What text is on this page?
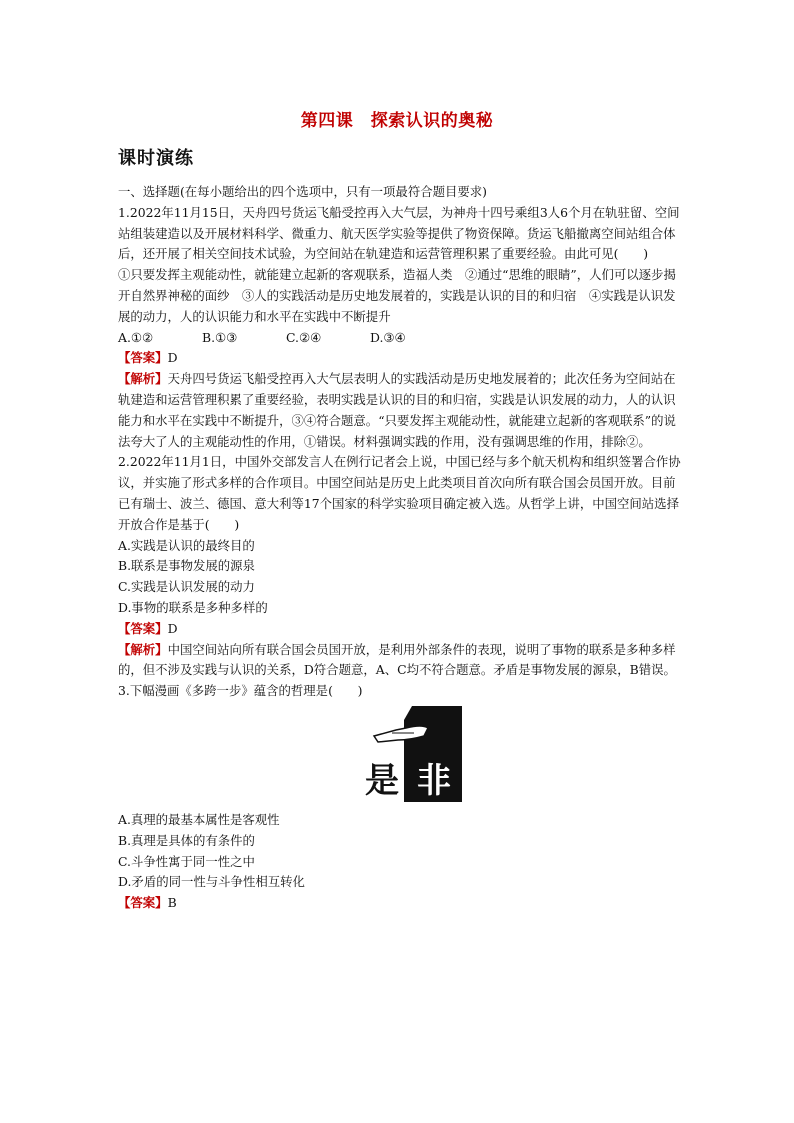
第四课　探索认识的奥秘
课时演练

一、选择题(在每小题给出的四个选项中，只有一项最符合题目要求)

1.2022年11月15日，天舟四号货运飞船受控再入大气层，为神舟十四号乘组3人6个月在轨驻留、空间站组装建造以及开展材料科学、微重力、航天医学实验等提供了物资保障。货运飞船撤离空间站组合体后，还开展了相关空间技术试验，为空间站在轨建造和运营管理积累了重要经验。由此可见(　　)

①只要发挥主观能动性，就能建立起新的客观联系，造福人类　②通过“思维的眼睛”，人们可以逐步揭开自然界神秘的面纱　③人的实践活动是历史地发展着的，实践是认识的目的和归宿　④实践是认识发展的动力，人的认识能力和水平在实践中不断提升

A.①②	B.①③	C.②④	D.③④

【答案】D

【解析】天舟四号货运飞船受控再入大气层表明人的实践活动是历史地发展着的；此次任务为空间站在轨建造和运营管理积累了重要经验，表明实践是认识的目的和归宿，实践是认识发展的动力，人的认识能力和水平在实践中不断提升，③④符合题意。“只要发挥主观能动性，就能建立起新的客观联系”的说法夸大了人的主观能动性的作用，①错误。材料强调实践的作用，没有强调思维的作用，排除②。

2.2022年11月1日，中国外交部发言人在例行记者会上说，中国已经与多个航天机构和组织签署合作协议，并实施了形式多样的合作项目。中国空间站是历史上此类项目首次向所有联合国会员国开放。目前已有瑞士、波兰、德国、意大利等17个国家的科学实验项目确定被入选。从哲学上讲，中国空间站选择开放合作是基于(　　)

A.实践是认识的最终目的

B.联系是事物发展的源泉

C.实践是认识发展的动力

D.事物的联系是多种多样的

【答案】D

【解析】中国空间站向所有联合国会员国开放，是利用外部条件的表现，说明了事物的联系是多种多样的，但不涉及实践与认识的关系，D符合题意，A、C均不符合题意。矛盾是事物发展的源泉，B错误。

3.下幅漫画《多跨一步》蕴含的哲理是(　　)

是 非

A.真理的最基本属性是客观性

B.真理是具体的有条件的

C.斗争性寓于同一性之中

D.矛盾的同一性与斗争性相互转化

【答案】B
